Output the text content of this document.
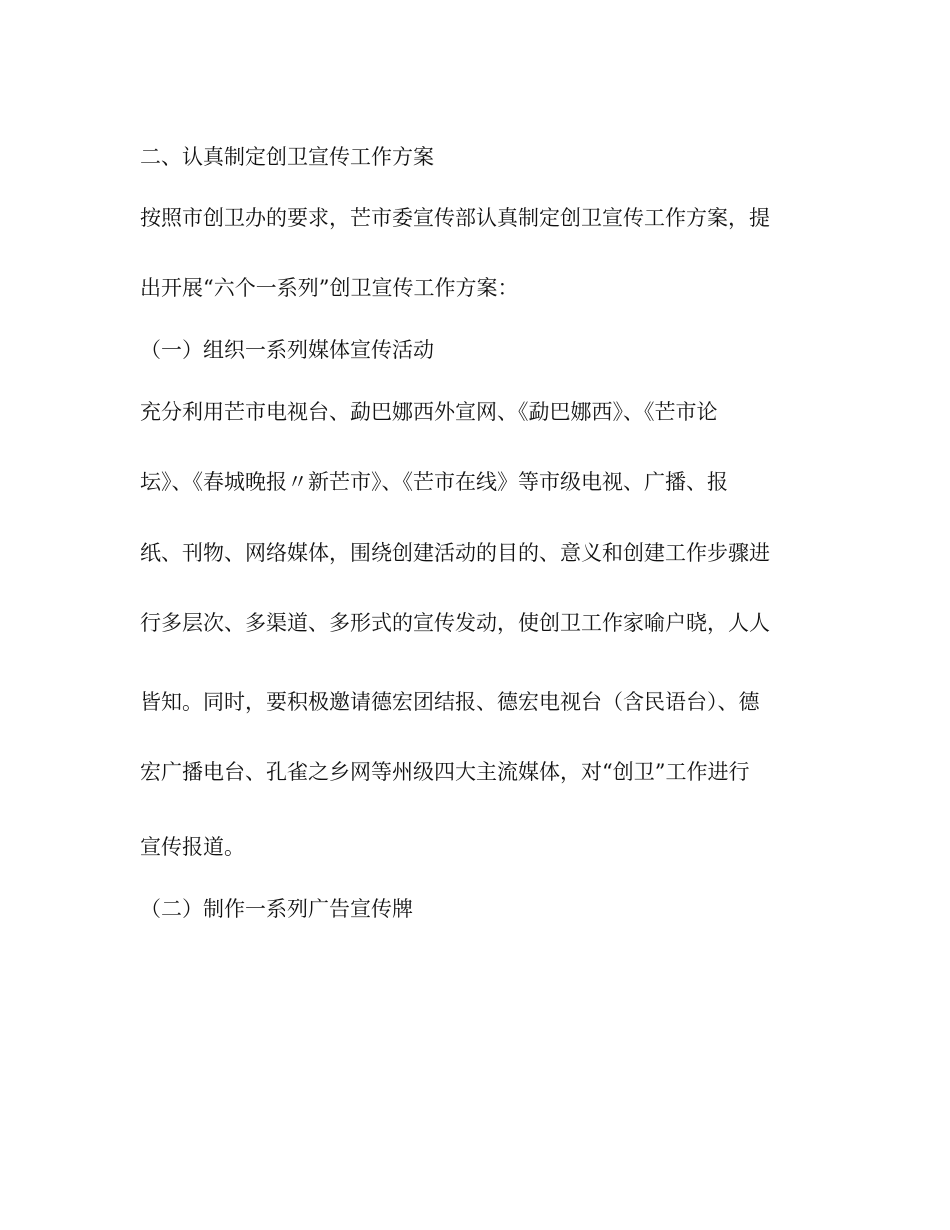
二、认真制定创卫宣传工作方案
按照市创卫办的要求，芒市委宣传部认真制定创卫宣传工作方案，提
出开展“六个一系列”创卫宣传工作方案：
（一）组织一系列媒体宣传活动
充分利用芒市电视台、勐巴娜西外宣网、《勐巴娜西》、《芒市论
坛》、《春城晚报〃新芒市》、《芒市在线》等市级电视、广播、报
纸、刊物、网络媒体，围绕创建活动的目的、意义和创建工作步骤进
行多层次、多渠道、多形式的宣传发动，使创卫工作家喻户晓，人人
皆知。同时，要积极邀请德宏团结报、德宏电视台（含民语台）、德
宏广播电台、孔雀之乡网等州级四大主流媒体，对“创卫”工作进行
宣传报道。
（二）制作一系列广告宣传牌
